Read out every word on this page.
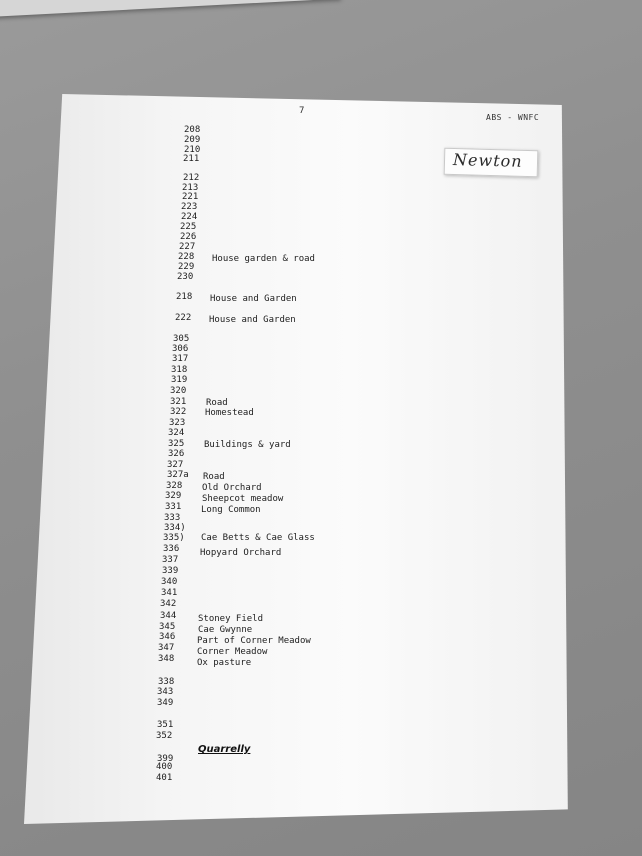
7
ABS - WNFC
Newton
208
209
210
211
212
213
221
223
224
225
226
227
228
229
230
218
222
305
306
317
318
319
320
321
322
323
324
325
326
327
327a
328
329
331
333
334)
335)
336
337
339
340
341
342
344
345
346
347
348
338
343
349
351
352
399
400
401
House and Garden
House and Garden
House garden & road
Road
Homestead
Buildings & yard
Old Orchard
Sheepcot meadow
Long Common
Cae Betts & Cae Glass
Hopyard Orchard
Stoney Field
Cae Gwynne
Part of Corner Meadow
Corner Meadow
Ox pasture
Road
Quarrelly
